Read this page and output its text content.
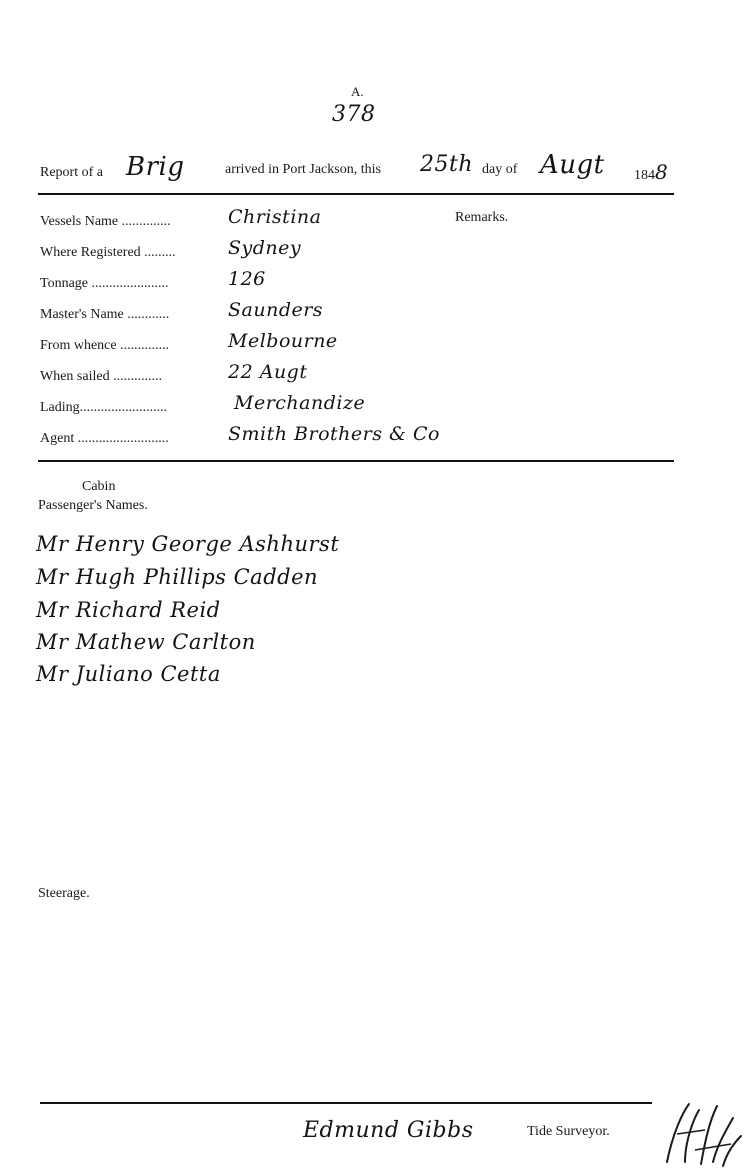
A.
378
Report of a Brig	arrived in Port Jackson, this 25th day of Augt 1848
Remarks.
Vessels Name ..............	Christina
Where Registered .........	Sydney
Tonnage ......................	126
Master's Name ............	Saunders
From whence ..............	Melbourne
When sailed ..............	22 Augt
Lading.........................	Merchandize
Agent ..........................	Smith Brothers & Co
Cabin
Passenger's Names.
Mr Henry George Ashhurst
Mr Hugh Phillips Cadden
Mr Richard Reid
Mr Mathew Carlton
Mr Juliano Cetta
Steerage.
Edmund Gibbs	Tide Surveyor.
